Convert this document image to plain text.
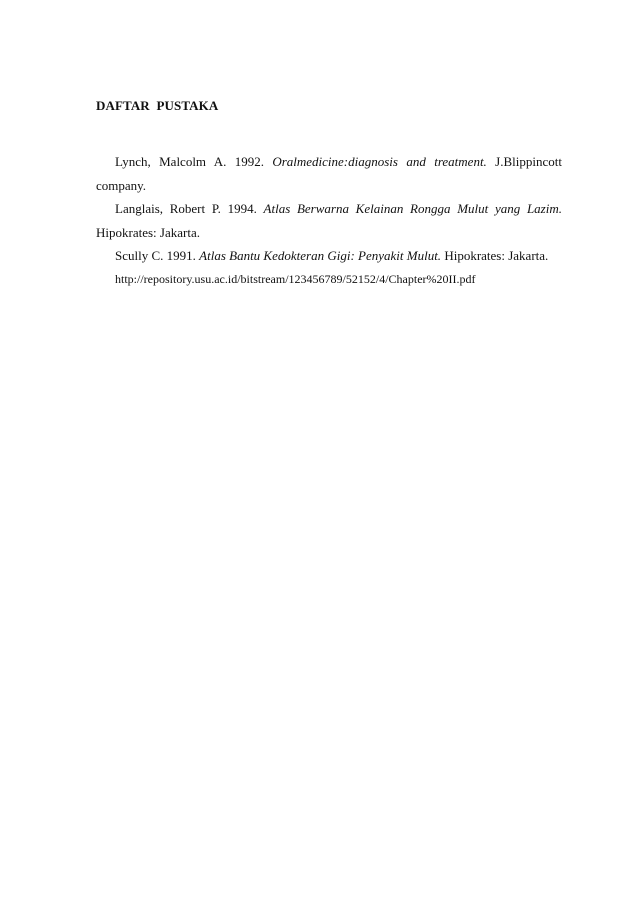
DAFTAR  PUSTAKA

Lynch, Malcolm A. 1992. Oralmedicine:diagnosis and treatment. J.Blippincott company.

Langlais, Robert P. 1994. Atlas Berwarna Kelainan Rongga Mulut yang Lazim. Hipokrates: Jakarta.

Scully C. 1991. Atlas Bantu Kedokteran Gigi: Penyakit Mulut. Hipokrates: Jakarta.

http://repository.usu.ac.id/bitstream/123456789/52152/4/Chapter%20II.pdf
